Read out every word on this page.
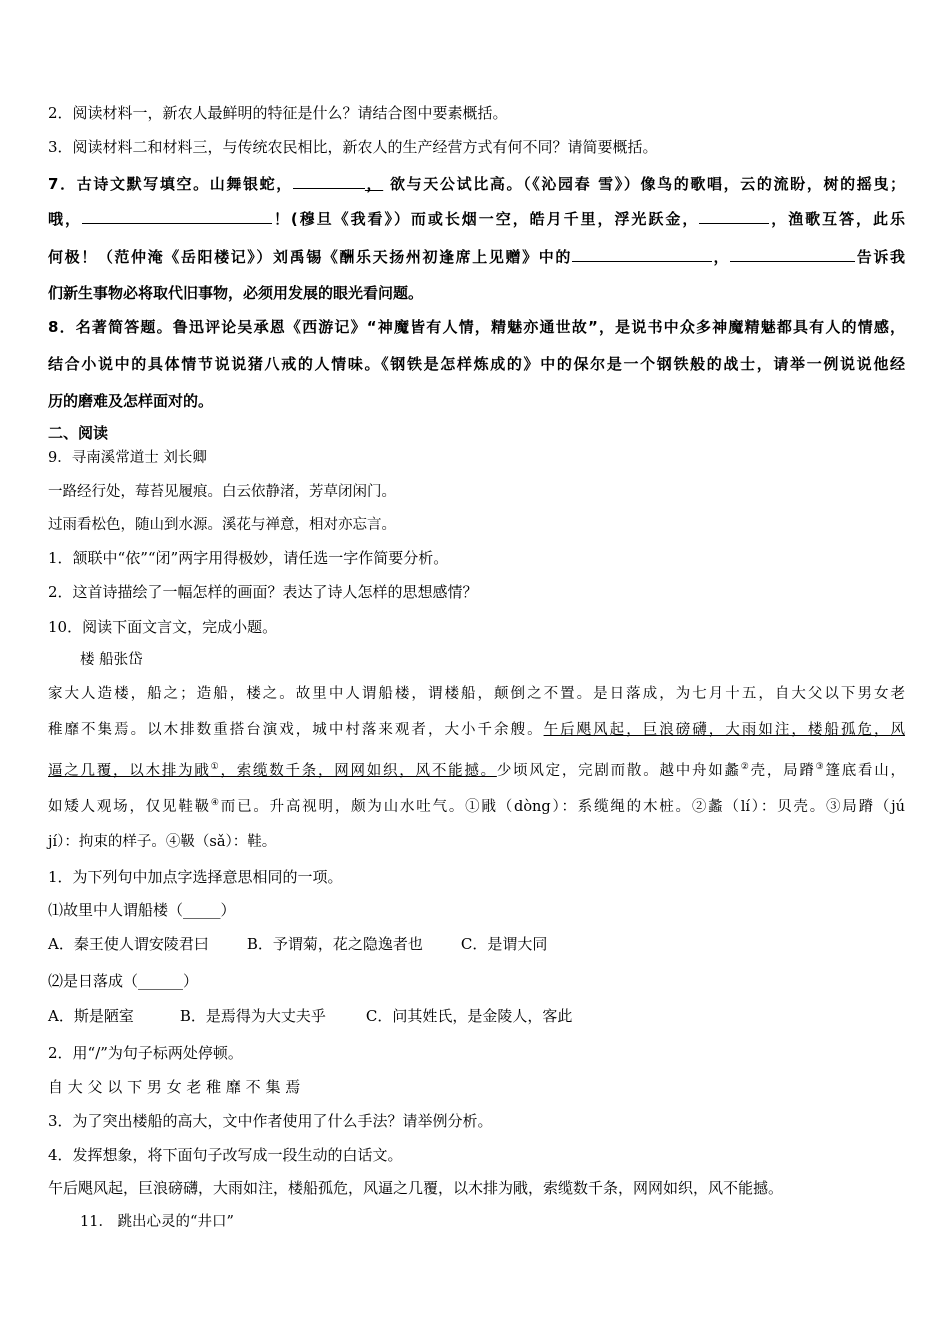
2．阅读材料一，新农人最鲜明的特征是什么？请结合图中要素概括。
3．阅读材料二和材料三，与传统农民相比，新农人的生产经营方式有何不同？请简要概括。
7．古诗文默写填空。山舞银蛇，	， 欲与天公试比高。（《沁园春 雪》）像鸟的歌唱，云的流盼，树的摇曳；
哦，	！(穆旦《我看》）而或长烟一空，皓月千里，浮光跃金，	，渔歌互答，此乐
何极！（范仲淹《岳阳楼记》）刘禹锡《酬乐天扬州初逢席上见赠》中的	，	告诉我
们新生事物必将取代旧事物，必须用发展的眼光看问题。
8．名著简答题。鲁迅评论吴承恩《西游记》“神魔皆有人情，精魅亦通世故”，是说书中众多神魔精魅都具有人的情感，
结合小说中的具体情节说说猪八戒的人情味。《钢铁是怎样炼成的》中的保尔是一个钢铁般的战士，请举一例说说他经
历的磨难及怎样面对的。
二、阅读
9．寻南溪常道士 刘长卿
一路经行处，莓苔见履痕。白云依静渚，芳草闭闲门。
过雨看松色，随山到水源。溪花与禅意，相对亦忘言。
1．颔联中“依”“闭”两字用得极妙，请任选一字作简要分析。
2．这首诗描绘了一幅怎样的画面？表达了诗人怎样的思想感情？
10．阅读下面文言文，完成小题。
楼 船张岱
家大人造楼，船之；造船，楼之。故里中人谓船楼，谓楼船，颠倒之不置。是日落成，为七月十五，自大父以下男女老
稚靡不集焉。以木排数重搭台演戏，城中村落来观者，大小千余艘。午后飓风起，巨浪磅礴，大雨如注，楼船孤危，风
逼之几覆，以木排为戙①，索缆数千条，网网如织，风不能撼。少顷风定，完剧而散。越中舟如蠡②壳，局蹐③篷底看山，
如矮人观场，仅见鞋靸④而已。升高视明，颇为山水吐气。①戙（dòng）：系缆绳的木桩。②蠡（lí）：贝壳。③局蹐（jú
jí）：拘束的样子。④靸（sǎ）：鞋。
1．为下列句中加点字选择意思相同的一项。
⑴故里中人谓船楼（_____）
A．秦王使人谓安陵君曰	B．予谓菊，花之隐逸者也	C．是谓大同
⑵是日落成（______）
A．斯是陋室	B．是焉得为大丈夫乎	C．问其姓氏，是金陵人，客此
2．用“/”为句子标两处停顿。
自 大 父 以 下 男 女 老 稚 靡 不 集 焉
3．为了突出楼船的高大，文中作者使用了什么手法？请举例分析。
4．发挥想象，将下面句子改写成一段生动的白话文。
午后飓风起，巨浪磅礴，大雨如注，楼船孤危，风逼之几覆，以木排为戙，索缆数千条，网网如织，风不能撼。
11． 跳出心灵的“井口”
